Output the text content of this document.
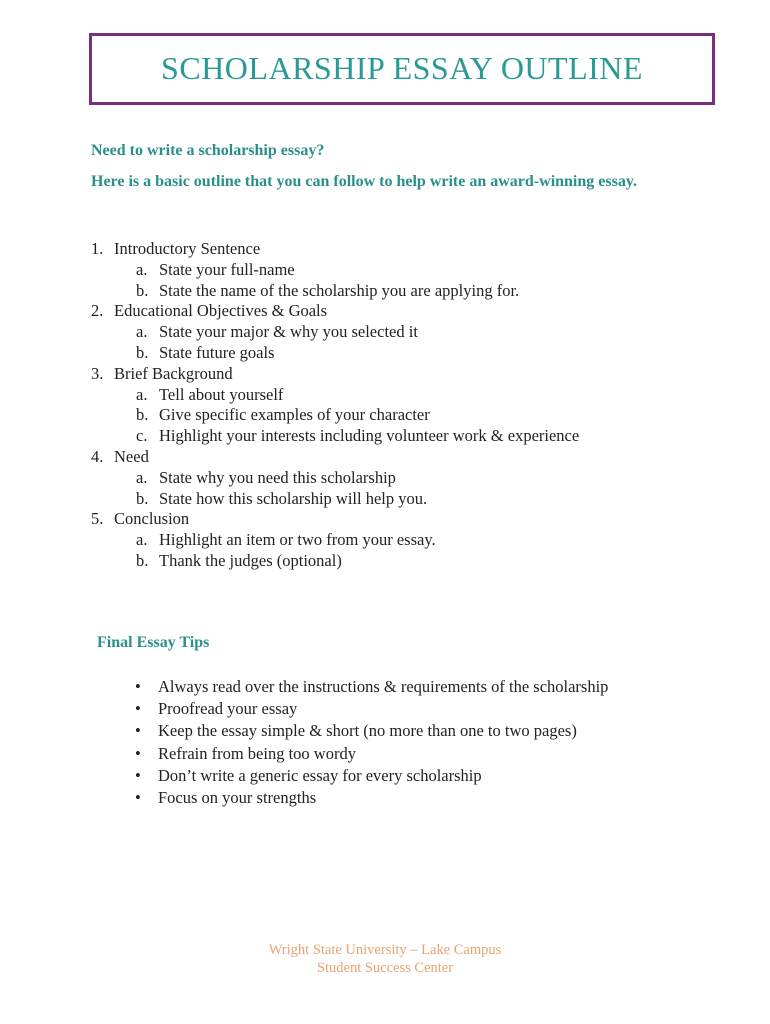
SCHOLARSHIP ESSAY OUTLINE
Need to write a scholarship essay?
Here is a basic outline that you can follow to help write an award-winning essay.
1. Introductory Sentence
a. State your full-name
b. State the name of the scholarship you are applying for.
2. Educational Objectives & Goals
a. State your major & why you selected it
b. State future goals
3. Brief Background
a. Tell about yourself
b. Give specific examples of your character
c. Highlight your interests including volunteer work & experience
4. Need
a. State why you need this scholarship
b. State how this scholarship will help you.
5. Conclusion
a. Highlight an item or two from your essay.
b. Thank the judges (optional)
Final Essay Tips
• Always read over the instructions & requirements of the scholarship
• Proofread your essay
• Keep the essay simple & short (no more than one to two pages)
• Refrain from being too wordy
• Don’t write a generic essay for every scholarship
• Focus on your strengths
Wright State University – Lake Campus
Student Success Center
